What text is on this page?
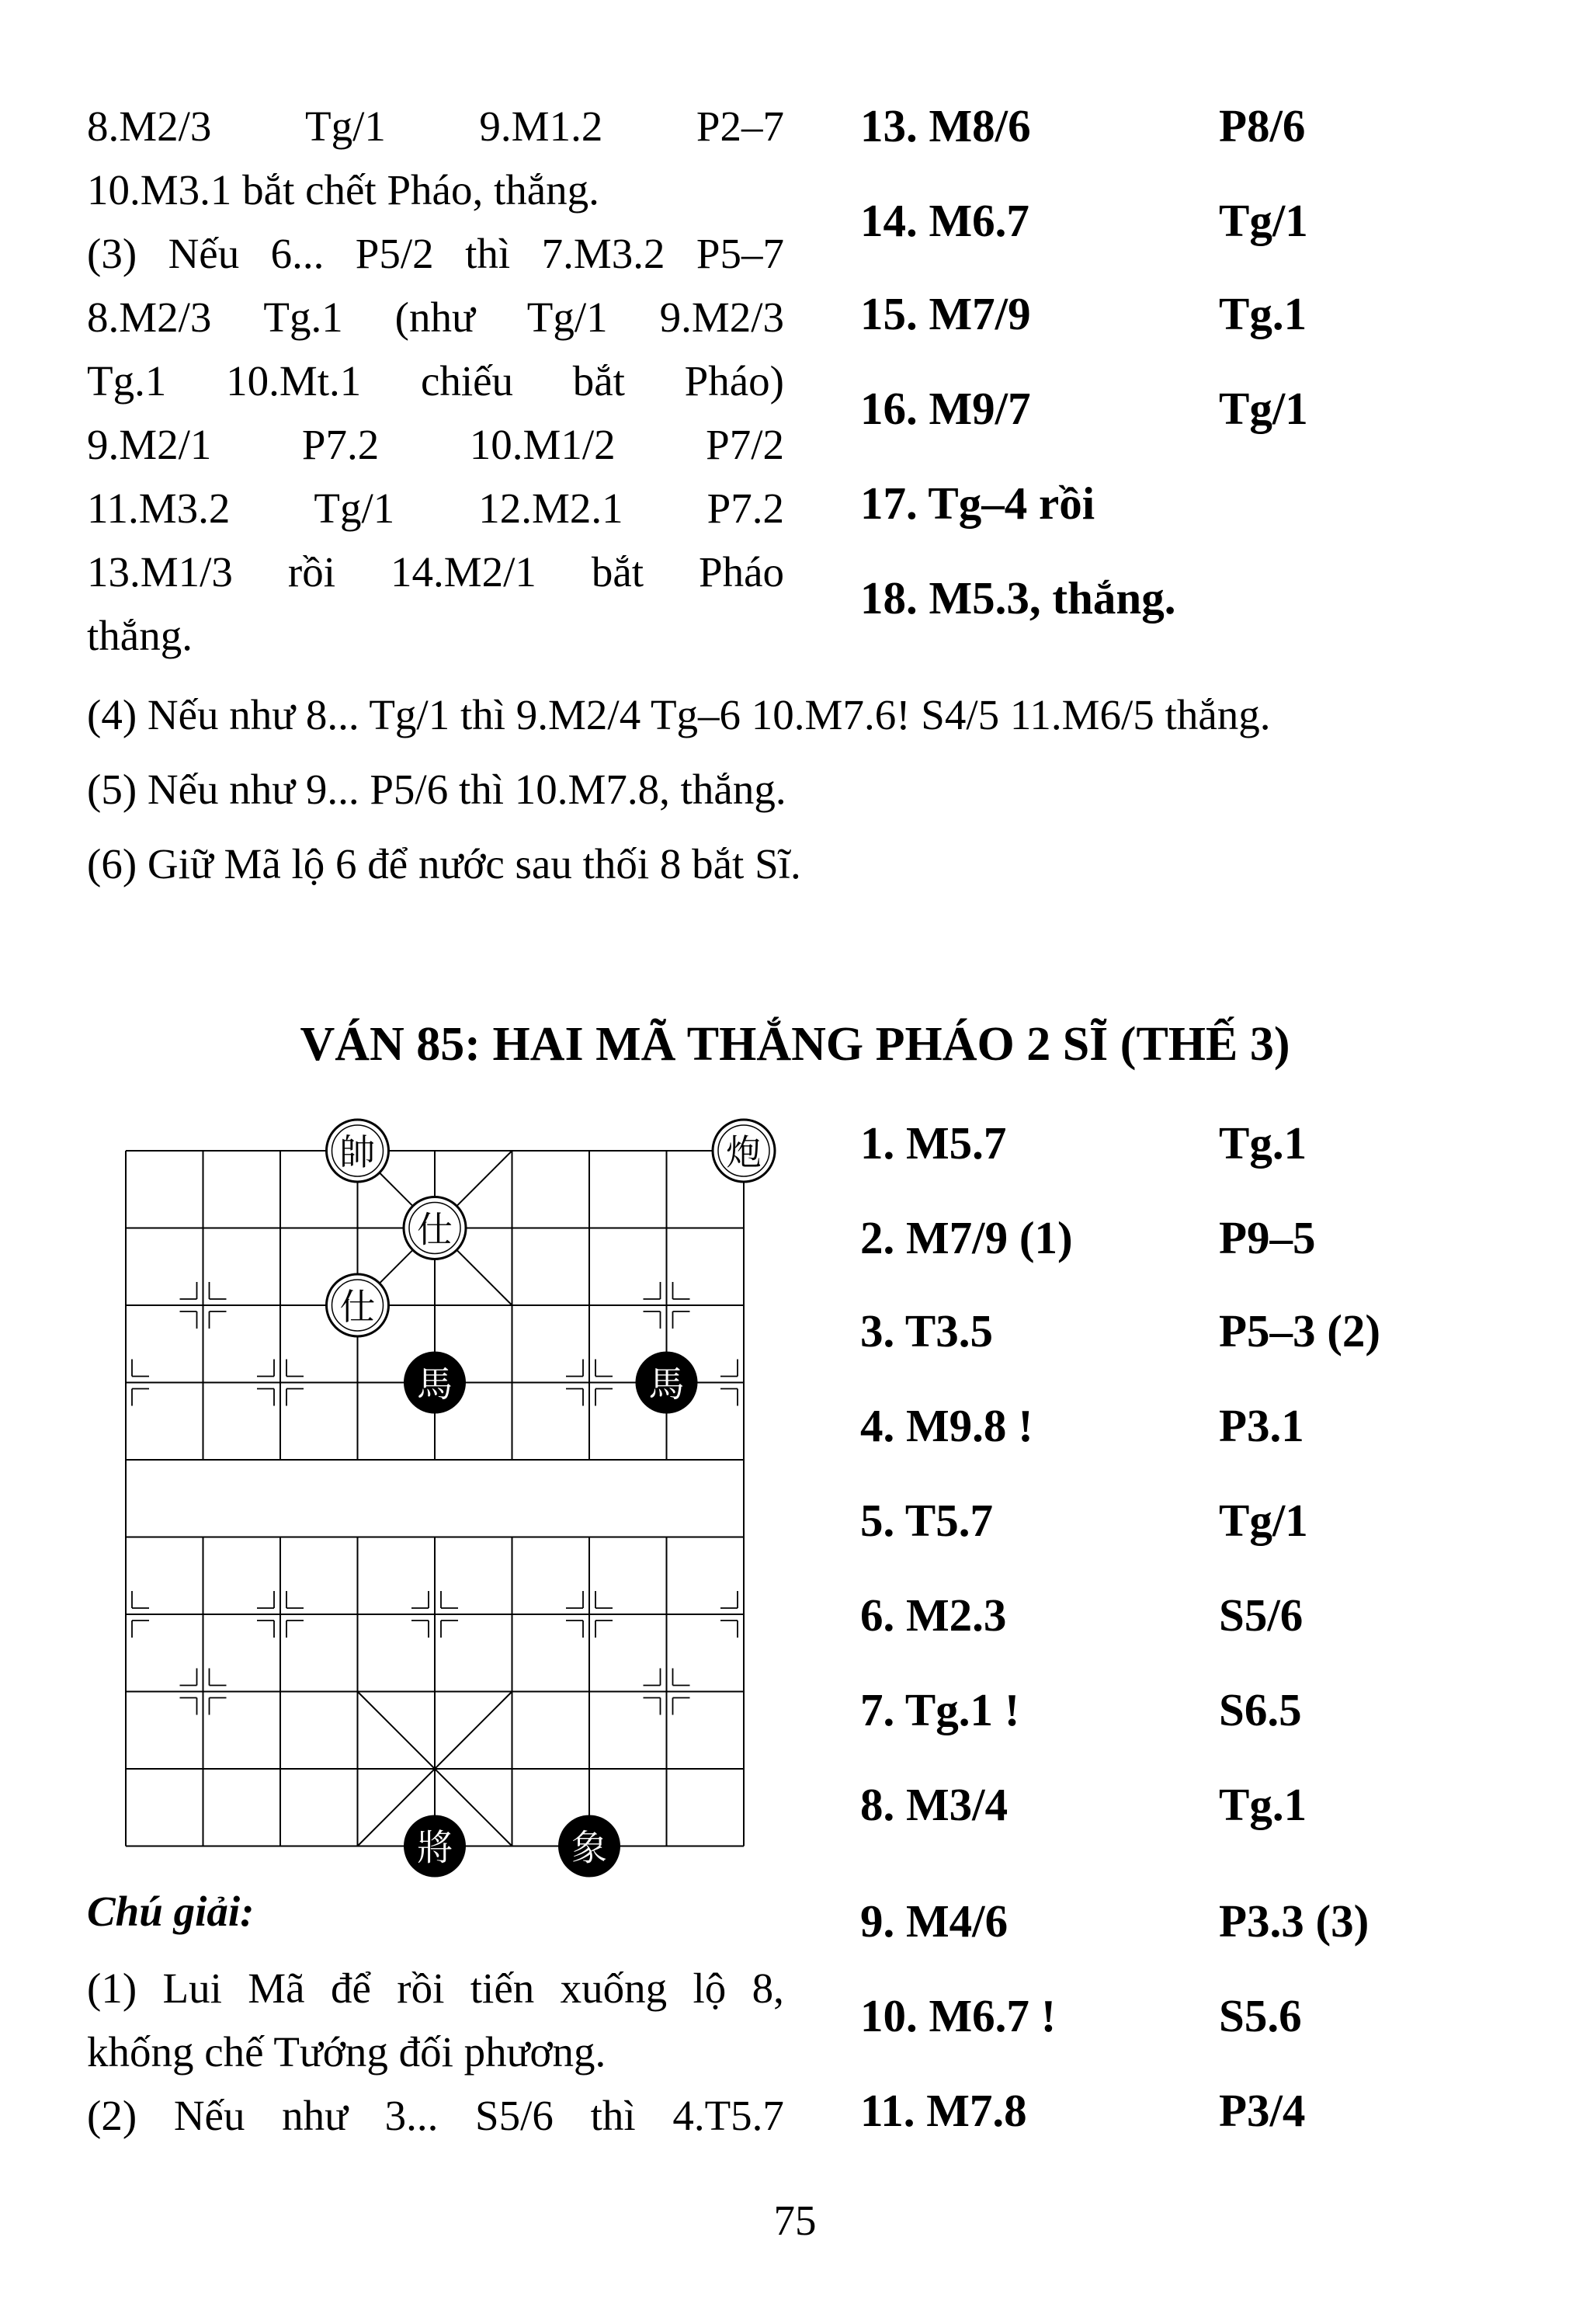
8.M2/3 Tg/1 9.M1.2 P2–7
10.M3.1 bắt chết Pháo, thắng.
(3) Nếu 6... P5/2 thì 7.M3.2 P5–7
8.M2/3 Tg.1 (như Tg/1 9.M2/3
Tg.1 10.Mt.1 chiếu bắt Pháo)
9.M2/1 P7.2 10.M1/2 P7/2
11.M3.2 Tg/1 12.M2.1 P7.2
13.M1/3 rồi 14.M2/1 bắt Pháo
thắng.
13. M8/6	P8/6
14. M6.7	Tg/1
15. M7/9	Tg.1
16. M9/7	Tg/1
17. Tg–4 rồi
18. M5.3, thắng.
(4) Nếu như 8... Tg/1 thì 9.M2/4 Tg–6 10.M7.6! S4/5 11.M6/5 thắng.
(5) Nếu như 9... P5/6 thì 10.M7.8, thắng.
(6) Giữ Mã lộ 6 để nước sau thối 8 bắt Sĩ.
VÁN 85: HAI MÃ THẮNG PHÁO 2 SĨ (THẾ 3)
帥	炮
仕
仕
馬	馬
將	象
1. M5.7	Tg.1
2. M7/9 (1)	P9–5
3. T3.5	P5–3 (2)
4. M9.8 !	P3.1
5. T5.7	Tg/1
6. M2.3	S5/6
7. Tg.1 !	S6.5
8. M3/4	Tg.1
9. M4/6	P3.3 (3)
10. M6.7 !	S5.6
11. M7.8	P3/4
Chú giải:
(1) Lui Mã để rồi tiến xuống lộ 8,
khống chế Tướng đối phương.
(2) Nếu như 3... S5/6 thì 4.T5.7
75
